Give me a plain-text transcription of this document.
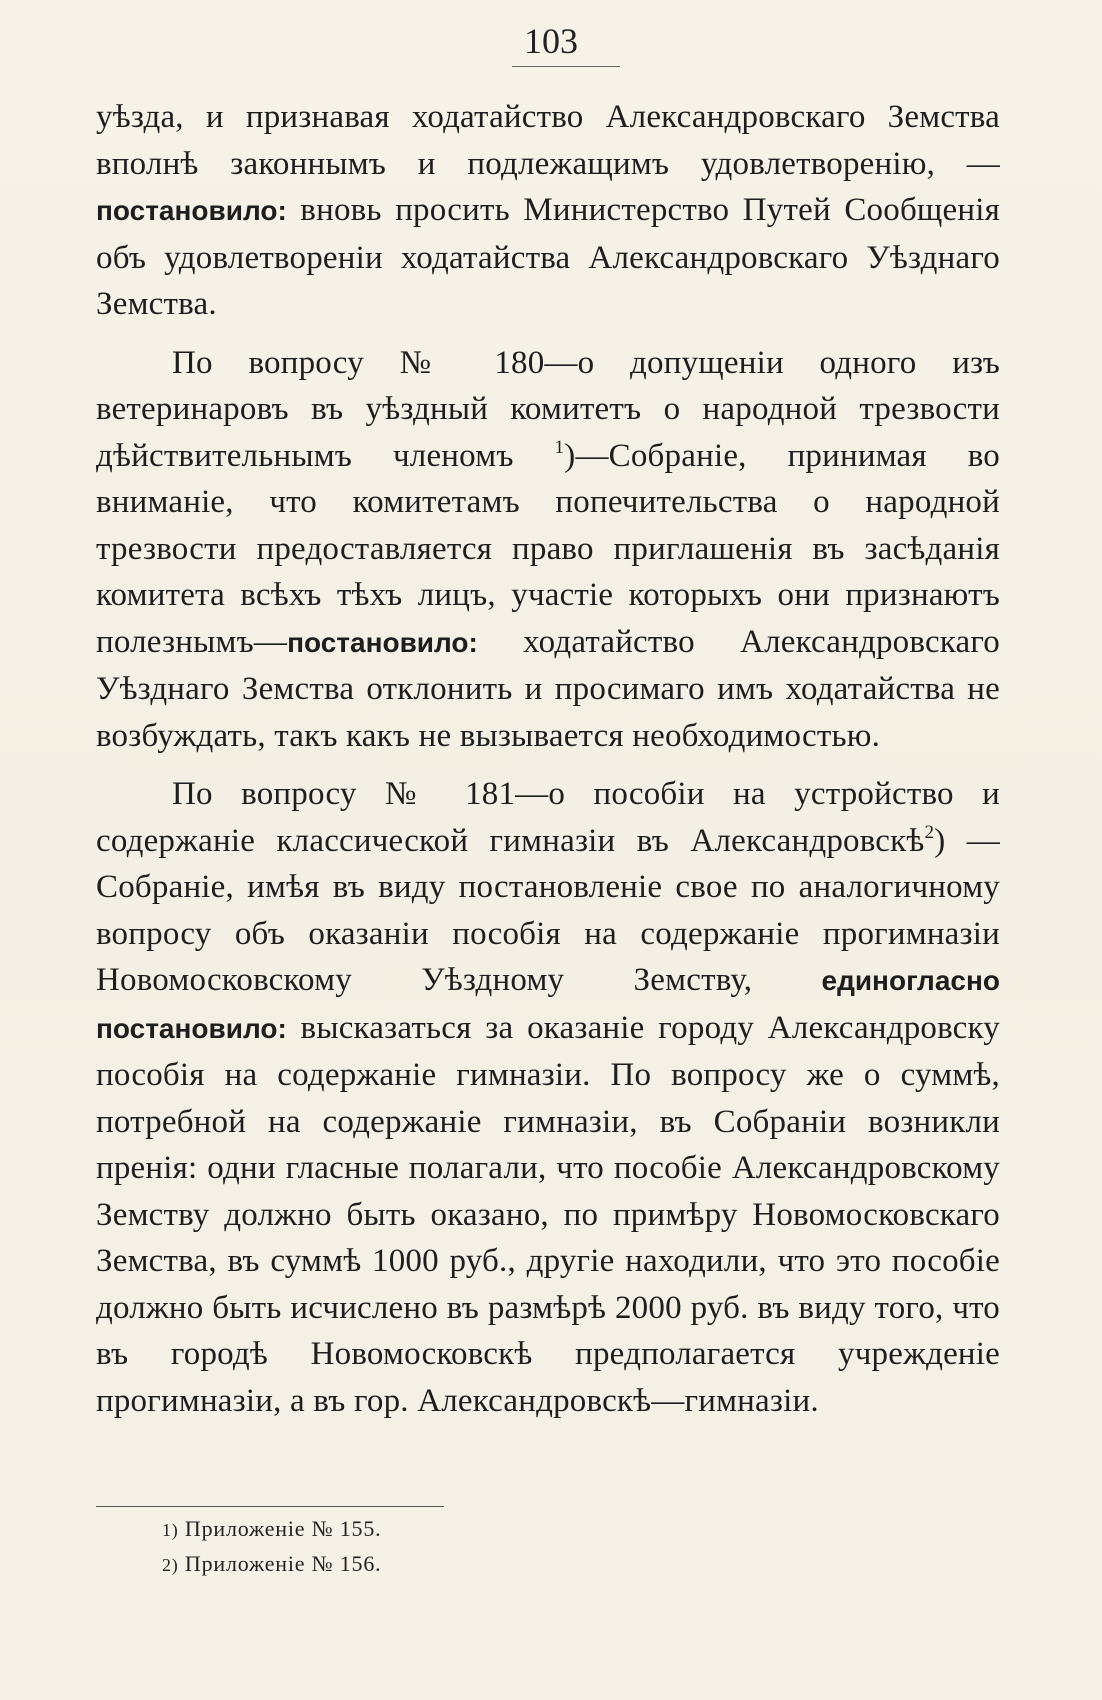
103

уѣзда, и признавая ходатайство Александровскаго Земства вполнѣ законнымъ и подлежащимъ удовлетворенію, —постановило: вновь просить Министерство Путей Сообщенія объ удовлетвореніи ходатайства Александровскаго Уѣзднаго Земства.

По вопросу № 180—о допущеніи одного изъ ветеринаровъ въ уѣздный комитетъ о народной трезвости дѣйствительнымъ членомъ $^1$)—Собраніе, принимая во вниманіе, что комитетамъ попечительства о народной трезвости предоставляется право приглашенія въ засѣданія комитета всѣхъ тѣхъ лицъ, участіе которыхъ они признаютъ полезнымъ—постановило: ходатайство Александровскаго Уѣзднаго Земства отклонить и просимаго имъ ходатайства не возбуждать, такъ какъ не вызывается необходимостью.

По вопросу № 181—о пособіи на устройство и содержаніе классической гимназіи въ Александровскѣ$^2$) —Собраніе, имѣя въ виду постановленіе свое по аналогичному вопросу объ оказаніи пособія на содержаніе прогимназіи Новомосковскому Уѣздному Земству, единогласно постановило: высказаться за оказаніе городу Александровску пособія на содержаніе гимназіи. По вопросу же о суммѣ, потребной на содержаніе гимназіи, въ Собраніи возникли пренія: одни гласные полагали, что пособіе Александровскому Земству должно быть оказано, по примѣру Новомосковскаго Земства, въ суммѣ 1000 руб., другіе находили, что это пособіе должно быть исчислено въ размѣрѣ 2000 руб. въ виду того, что въ городѣ Новомосковскѣ предполагается учрежденіе прогимназіи, а въ гор. Александровскѣ—гимназіи.

1) Приложеніе № 155.
2) Приложеніе № 156.
